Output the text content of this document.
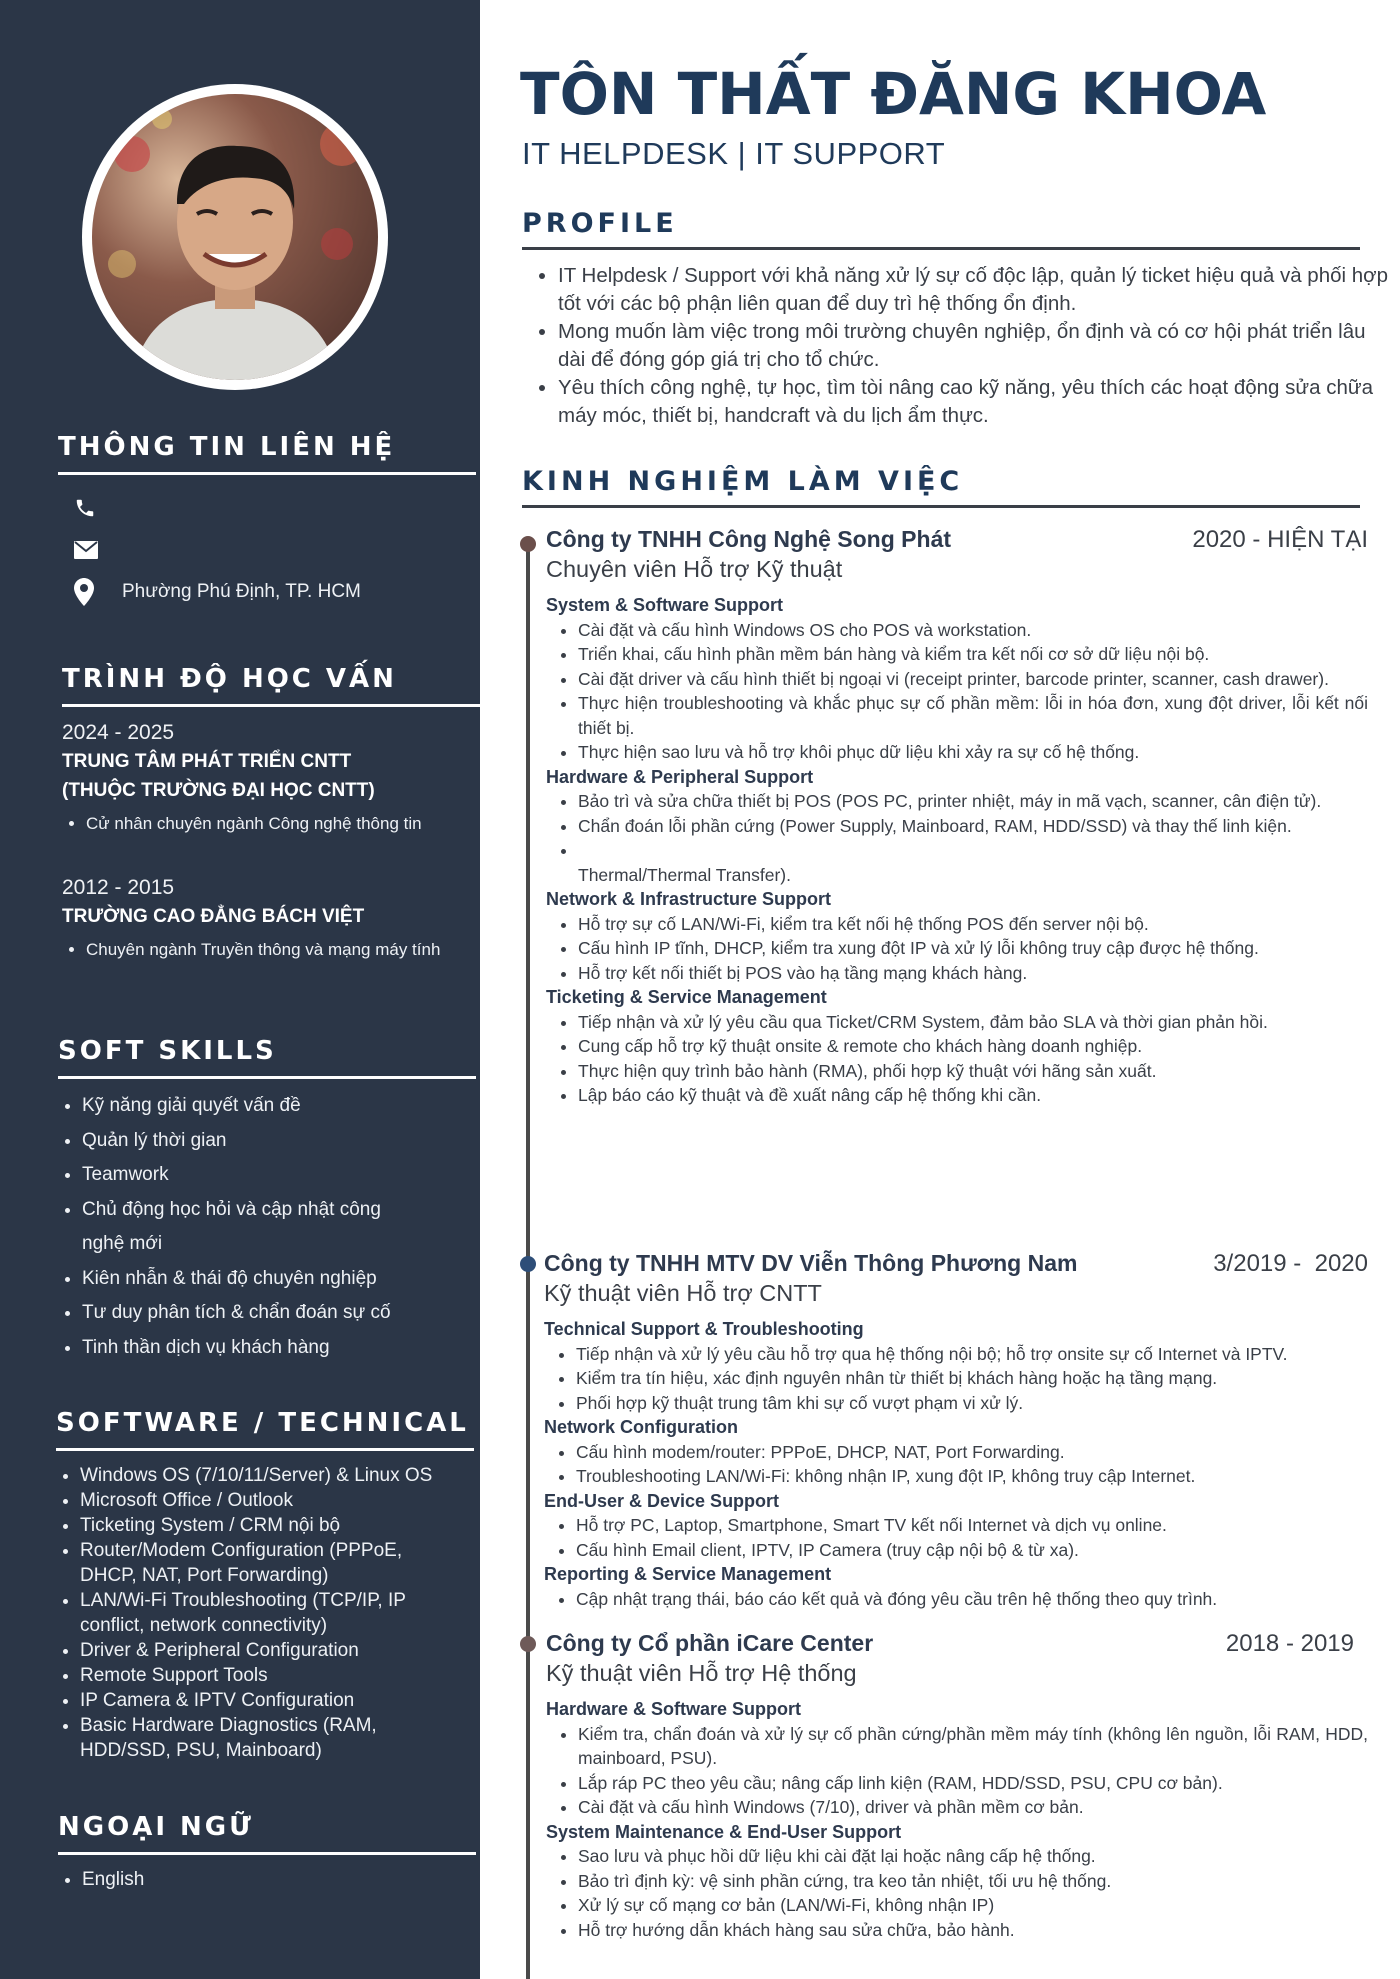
THÔNG TIN LIÊN HỆ
Phường Phú Định, TP. HCM
TRÌNH ĐỘ HỌC VẤN
2024 - 2025
TRUNG TÂM PHÁT TRIỂN CNTT (THUỘC TRƯỜNG ĐẠI HỌC CNTT)
• Cử nhân chuyên ngành Công nghệ thông tin
2012 - 2015
TRƯỜNG CAO ĐẲNG BÁCH VIỆT
• Chuyên ngành Truyền thông và mạng máy tính
SOFT SKILLS
• Kỹ năng giải quyết vấn đề
• Quản lý thời gian
• Teamwork
• Chủ động học hỏi và cập nhật công nghệ mới
• Kiên nhẫn & thái độ chuyên nghiệp
• Tư duy phân tích & chẩn đoán sự cố
• Tinh thần dịch vụ khách hàng
SOFTWARE / TECHNICAL
• Windows OS (7/10/11/Server) & Linux OS
• Microsoft Office / Outlook
• Ticketing System / CRM nội bộ
• Router/Modem Configuration (PPPoE, DHCP, NAT, Port Forwarding)
• LAN/Wi-Fi Troubleshooting (TCP/IP, IP conflict, network connectivity)
• Driver & Peripheral Configuration
• Remote Support Tools
• IP Camera & IPTV Configuration
• Basic Hardware Diagnostics (RAM, HDD/SSD, PSU, Mainboard)
NGOẠI NGỮ
• English
TÔN THẤT ĐĂNG KHOA
IT HELPDESK | IT SUPPORT
PROFILE
• IT Helpdesk / Support với khả năng xử lý sự cố độc lập, quản lý ticket hiệu quả và phối hợp tốt với các bộ phận liên quan để duy trì hệ thống ổn định.
• Mong muốn làm việc trong môi trường chuyên nghiệp, ổn định và có cơ hội phát triển lâu dài để đóng góp giá trị cho tổ chức.
• Yêu thích công nghệ, tự học, tìm tòi nâng cao kỹ năng, yêu thích các hoạt động sửa chữa máy móc, thiết bị, handcraft và du lịch ẩm thực.
KINH NGHIỆM LÀM VIỆC
Công ty TNHH Công Nghệ Song Phát	2020 - HIỆN TẠI
Chuyên viên Hỗ trợ Kỹ thuật
System & Software Support
• Cài đặt và cấu hình Windows OS cho POS và workstation.
• Triển khai, cấu hình phần mềm bán hàng và kiểm tra kết nối cơ sở dữ liệu nội bộ.
• Cài đặt driver và cấu hình thiết bị ngoại vi (receipt printer, barcode printer, scanner, cash drawer).
• Thực hiện troubleshooting và khắc phục sự cố phần mềm: lỗi in hóa đơn, xung đột driver, lỗi kết nối thiết bị.
• Thực hiện sao lưu và hỗ trợ khôi phục dữ liệu khi xảy ra sự cố hệ thống.
Hardware & Peripheral Support
• Bảo trì và sửa chữa thiết bị POS (POS PC, printer nhiệt, máy in mã vạch, scanner, cân điện tử).
• Chẩn đoán lỗi phần cứng (Power Supply, Mainboard, RAM, HDD/SSD) và thay thế linh kiện.
•
Thermal/Thermal Transfer).
Network & Infrastructure Support
• Hỗ trợ sự cố LAN/Wi-Fi, kiểm tra kết nối hệ thống POS đến server nội bộ.
• Cấu hình IP tĩnh, DHCP, kiểm tra xung đột IP và xử lý lỗi không truy cập được hệ thống.
• Hỗ trợ kết nối thiết bị POS vào hạ tầng mạng khách hàng.
Ticketing & Service Management
• Tiếp nhận và xử lý yêu cầu qua Ticket/CRM System, đảm bảo SLA và thời gian phản hồi.
• Cung cấp hỗ trợ kỹ thuật onsite & remote cho khách hàng doanh nghiệp.
• Thực hiện quy trình bảo hành (RMA), phối hợp kỹ thuật với hãng sản xuất.
• Lập báo cáo kỹ thuật và đề xuất nâng cấp hệ thống khi cần.
Công ty TNHH MTV DV Viễn Thông Phương Nam	3/2019 -  2020
Kỹ thuật viên Hỗ trợ CNTT
Technical Support & Troubleshooting
• Tiếp nhận và xử lý yêu cầu hỗ trợ qua hệ thống nội bộ; hỗ trợ onsite sự cố Internet và IPTV.
• Kiểm tra tín hiệu, xác định nguyên nhân từ thiết bị khách hàng hoặc hạ tầng mạng.
• Phối hợp kỹ thuật trung tâm khi sự cố vượt phạm vi xử lý.
Network Configuration
• Cấu hình modem/router: PPPoE, DHCP, NAT, Port Forwarding.
• Troubleshooting LAN/Wi-Fi: không nhận IP, xung đột IP, không truy cập Internet.
End-User & Device Support
• Hỗ trợ PC, Laptop, Smartphone, Smart TV kết nối Internet và dịch vụ online.
• Cấu hình Email client, IPTV, IP Camera (truy cập nội bộ & từ xa).
Reporting & Service Management
• Cập nhật trạng thái, báo cáo kết quả và đóng yêu cầu trên hệ thống theo quy trình.
Công ty Cổ phần iCare Center	2018 - 2019
Kỹ thuật viên Hỗ trợ Hệ thống
Hardware & Software Support
• Kiểm tra, chẩn đoán và xử lý sự cố phần cứng/phần mềm máy tính (không lên nguồn, lỗi RAM, HDD, mainboard, PSU).
• Lắp ráp PC theo yêu cầu; nâng cấp linh kiện (RAM, HDD/SSD, PSU, CPU cơ bản).
• Cài đặt và cấu hình Windows (7/10), driver và phần mềm cơ bản.
System Maintenance & End-User Support
• Sao lưu và phục hồi dữ liệu khi cài đặt lại hoặc nâng cấp hệ thống.
• Bảo trì định kỳ: vệ sinh phần cứng, tra keo tản nhiệt, tối ưu hệ thống.
• Xử lý sự cố mạng cơ bản (LAN/Wi-Fi, không nhận IP)
• Hỗ trợ hướng dẫn khách hàng sau sửa chữa, bảo hành.
